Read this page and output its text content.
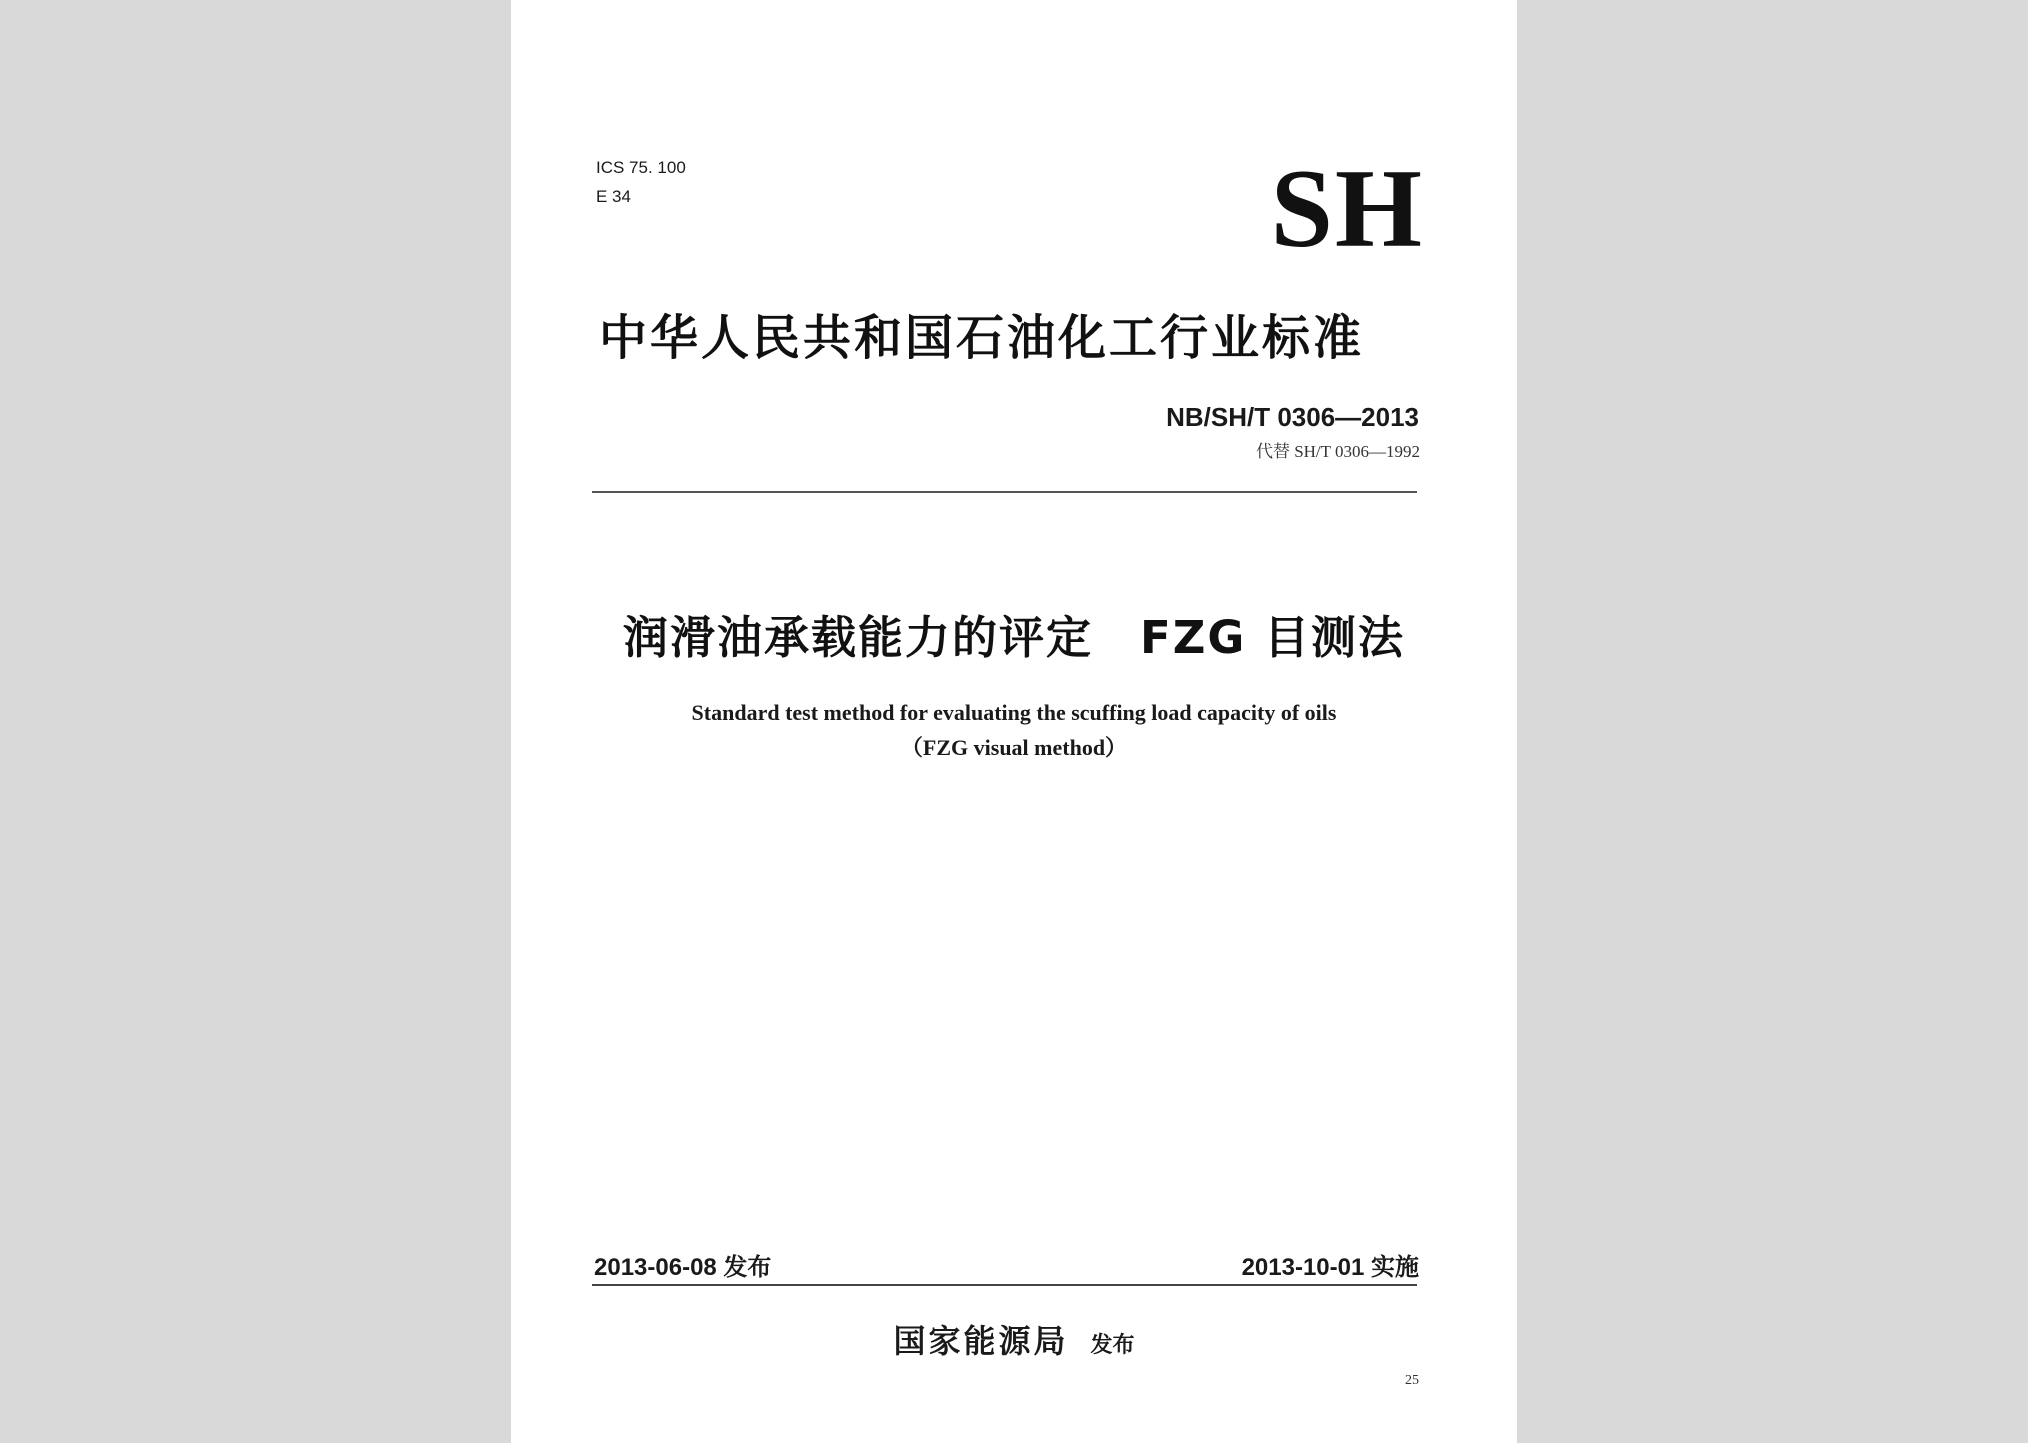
ICS 75. 100
E 34	SH
中华人民共和国石油化工行业标准
NB/SH/T 0306—2013
代替 SH/T 0306—1992
润滑油承载能力的评定　FZG 目测法
Standard test method for evaluating the scuffing load capacity of oils
（FZG visual method）
2013-06-08 发布	2013-10-01 实施
国家能源局 发布
25
